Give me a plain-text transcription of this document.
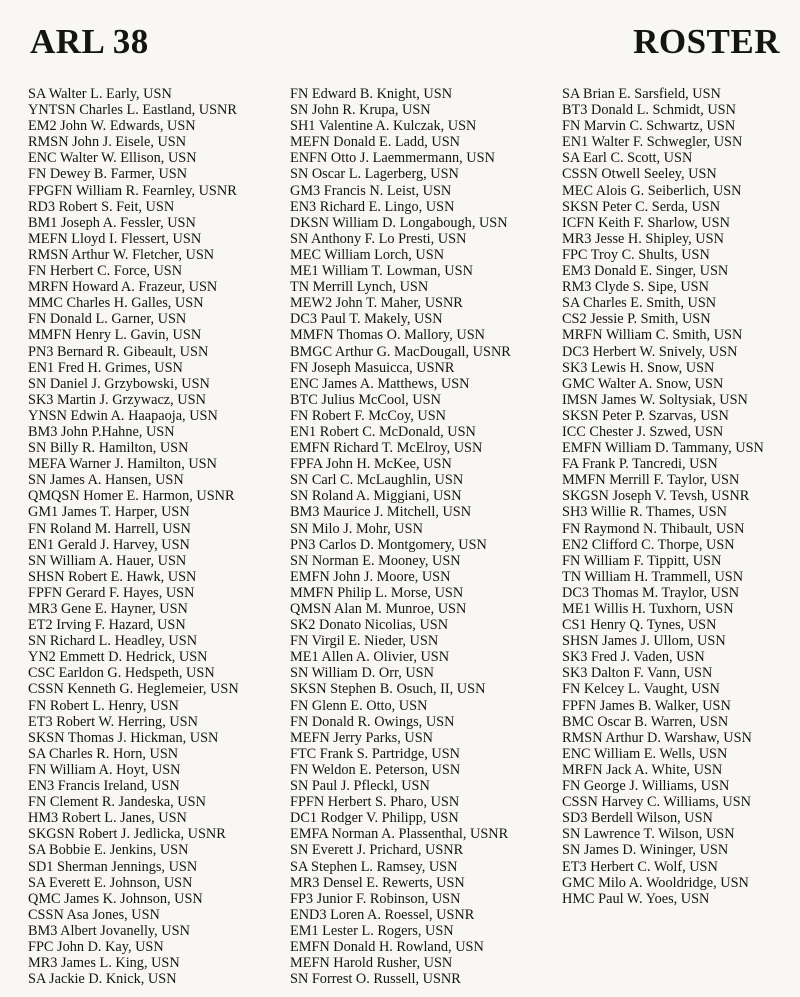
ARL 38	ROSTER
SA Walter L. Early, USN
YNTSN Charles L. Eastland, USNR
EM2 John W. Edwards, USN
RMSN John J. Eisele, USN
ENC Walter W. Ellison, USN
FN Dewey B. Farmer, USN
FPGFN William R. Fearnley, USNR
RD3 Robert S. Feit, USN
BM1 Joseph A. Fessler, USN
MEFN Lloyd I. Flessert, USN
RMSN Arthur W. Fletcher, USN
FN Herbert C. Force, USN
MRFN Howard A. Frazeur, USN
MMC Charles H. Galles, USN
FN Donald L. Garner, USN
MMFN Henry L. Gavin, USN
PN3 Bernard R. Gibeault, USN
EN1 Fred H. Grimes, USN
SN Daniel J. Grzybowski, USN
SK3 Martin J. Grzywacz, USN
YNSN Edwin A. Haapaoja, USN
BM3 John P.Hahne, USN
SN Billy R. Hamilton, USN
MEFA Warner J. Hamilton, USN
SN James A. Hansen, USN
QMQSN Homer E. Harmon, USNR
GM1 James T. Harper, USN
FN Roland M. Harrell, USN
EN1 Gerald J. Harvey, USN
SN William A. Hauer, USN
SHSN Robert E. Hawk, USN
FPFN Gerard F. Hayes, USN
MR3 Gene E. Hayner, USN
ET2 Irving F. Hazard, USN
SN Richard L. Headley, USN
YN2 Emmett D. Hedrick, USN
CSC Earldon G. Hedspeth, USN
CSSN Kenneth G. Heglemeier, USN
FN Robert L. Henry, USN
ET3 Robert W. Herring, USN
SKSN Thomas J. Hickman, USN
SA Charles R. Horn, USN
FN William A. Hoyt, USN
EN3 Francis Ireland, USN
FN Clement R. Jandeska, USN
HM3 Robert L. Janes, USN
SKGSN Robert J. Jedlicka, USNR
SA Bobbie E. Jenkins, USN
SD1 Sherman Jennings, USN
SA Everett E. Johnson, USN
QMC James K. Johnson, USN
CSSN Asa Jones, USN
BM3 Albert Jovanelly, USN
FPC John D. Kay, USN
MR3 James L. King, USN
SA Jackie D. Knick, USN
FN Edward B. Knight, USN
SN John R. Krupa, USN
SH1 Valentine A. Kulczak, USN
MEFN Donald E. Ladd, USN
ENFN Otto J. Laemmermann, USN
SN Oscar L. Lagerberg, USN
GM3 Francis N. Leist, USN
EN3 Richard E. Lingo, USN
DKSN William D. Longabough, USN
SN Anthony F. Lo Presti, USN
MEC William Lorch, USN
ME1 William T. Lowman, USN
TN Merrill Lynch, USN
MEW2 John T. Maher, USNR
DC3 Paul T. Makely, USN
MMFN Thomas O. Mallory, USN
BMGC Arthur G. MacDougall, USNR
FN Joseph Masuicca, USNR
ENC James A. Matthews, USN
BTC Julius McCool, USN
FN Robert F. McCoy, USN
EN1 Robert C. McDonald, USN
EMFN Richard T. McElroy, USN
FPFA John H. McKee, USN
SN Carl C. McLaughlin, USN
SN Roland A. Miggiani, USN
BM3 Maurice J. Mitchell, USN
SN Milo J. Mohr, USN
PN3 Carlos D. Montgomery, USN
SN Norman E. Mooney, USN
EMFN John J. Moore, USN
MMFN Philip L. Morse, USN
QMSN Alan M. Munroe, USN
SK2 Donato Nicolias, USN
FN Virgil E. Nieder, USN
ME1 Allen A. Olivier, USN
SN William D. Orr, USN
SKSN Stephen B. Osuch, II, USN
FN Glenn E. Otto, USN
FN Donald R. Owings, USN
MEFN Jerry Parks, USN
FTC Frank S. Partridge, USN
FN Weldon E. Peterson, USN
SN Paul J. Pfleckl, USN
FPFN Herbert S. Pharo, USN
DC1 Rodger V. Philipp, USN
EMFA Norman A. Plassenthal, USNR
SN Everett J. Prichard, USNR
SA Stephen L. Ramsey, USN
MR3 Densel E. Rewerts, USN
FP3 Junior F. Robinson, USN
END3 Loren A. Roessel, USNR
EM1 Lester L. Rogers, USN
EMFN Donald H. Rowland, USN
MEFN Harold Rusher, USN
SN Forrest O. Russell, USNR
SA Brian E. Sarsfield, USN
BT3 Donald L. Schmidt, USN
FN Marvin C. Schwartz, USN
EN1 Walter F. Schwegler, USN
SA Earl C. Scott, USN
CSSN Otwell Seeley, USN
MEC Alois G. Seiberlich, USN
SKSN Peter C. Serda, USN
ICFN Keith F. Sharlow, USN
MR3 Jesse H. Shipley, USN
FPC Troy C. Shults, USN
EM3 Donald E. Singer, USN
RM3 Clyde S. Sipe, USN
SA Charles E. Smith, USN
CS2 Jessie P. Smith, USN
MRFN William C. Smith, USN
DC3 Herbert W. Snively, USN
SK3 Lewis H. Snow, USN
GMC Walter A. Snow, USN
IMSN James W. Soltysiak, USN
SKSN Peter P. Szarvas, USN
ICC Chester J. Szwed, USN
EMFN William D. Tammany, USN
FA Frank P. Tancredi, USN
MMFN Merrill F. Taylor, USN
SKGSN Joseph V. Tevsh, USNR
SH3 Willie R. Thames, USN
FN Raymond N. Thibault, USN
EN2 Clifford C. Thorpe, USN
FN William F. Tippitt, USN
TN William H. Trammell, USN
DC3 Thomas M. Traylor, USN
ME1 Willis H. Tuxhorn, USN
CS1 Henry Q. Tynes, USN
SHSN James J. Ullom, USN
SK3 Fred J. Vaden, USN
SK3 Dalton F. Vann, USN
FN Kelcey L. Vaught, USN
FPFN James B. Walker, USN
BMC Oscar B. Warren, USN
RMSN Arthur D. Warshaw, USN
ENC William E. Wells, USN
MRFN Jack A. White, USN
FN George J. Williams, USN
CSSN Harvey C. Williams, USN
SD3 Berdell Wilson, USN
SN Lawrence T. Wilson, USN
SN James D. Wininger, USN
ET3 Herbert C. Wolf, USN
GMC Milo A. Wooldridge, USN
HMC Paul W. Yoes, USN
